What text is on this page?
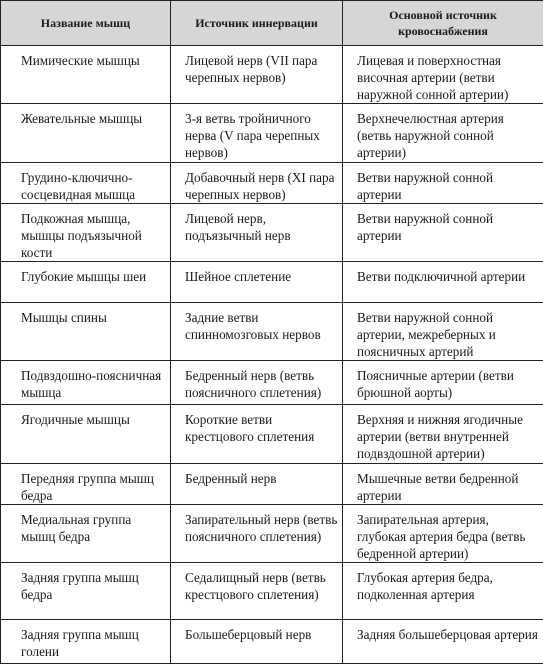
Название мышц	Источник иннервации	Основной источник кровоснабжения

Мимические мышцы	Лицевой нерв (VII пара черепных нервов)	Лицевая и поверхностная височная артерии (ветви наружной сонной артерии)

Жевательные мышцы	3-я ветвь тройничного нерва (V пара черепных нервов)	Верхнечелюстная артерия (ветвь наружной сонной артерии)

Грудино-ключично-сосцевидная мышца	Добавочный нерв (XI пара черепных нервов)	Ветви наружной сонной артерии

Подкожная мышца, мышцы подъязычной кости	Лицевой нерв, подъязычный нерв	Ветви наружной сонной артерии

Глубокие мышцы шеи	Шейное сплетение	Ветви подключичной артерии

Мышцы спины	Задние ветви спинномозговых нервов	Ветви наружной сонной артерии, межреберных и поясничных артерий

Подвздошно-поясничная мышца	Бедренный нерв (ветвь поясничного сплетения)	Поясничные артерии (ветви брюшной аорты)

Ягодичные мышцы	Короткие ветви крестцового сплетения	Верхняя и нижняя ягодичные артерии (ветви внутренней подвздошной артерии)

Передняя группа мышц бедра	Бедренный нерв	Мышечные ветви бедренной артерии

Медиальная группа мышц бедра	Запирательный нерв (ветвь поясничного сплетения)	Запирательная артерия, глубокая артерия бедра (ветвь бедренной артерии)

Задняя группа мышц бедра	Седалищный нерв (ветвь крестцового сплетения)	Глубокая артерия бедра, подколенная артерия

Задняя группа мышц голени	Большеберцовый нерв	Задняя большеберцовая артерия
